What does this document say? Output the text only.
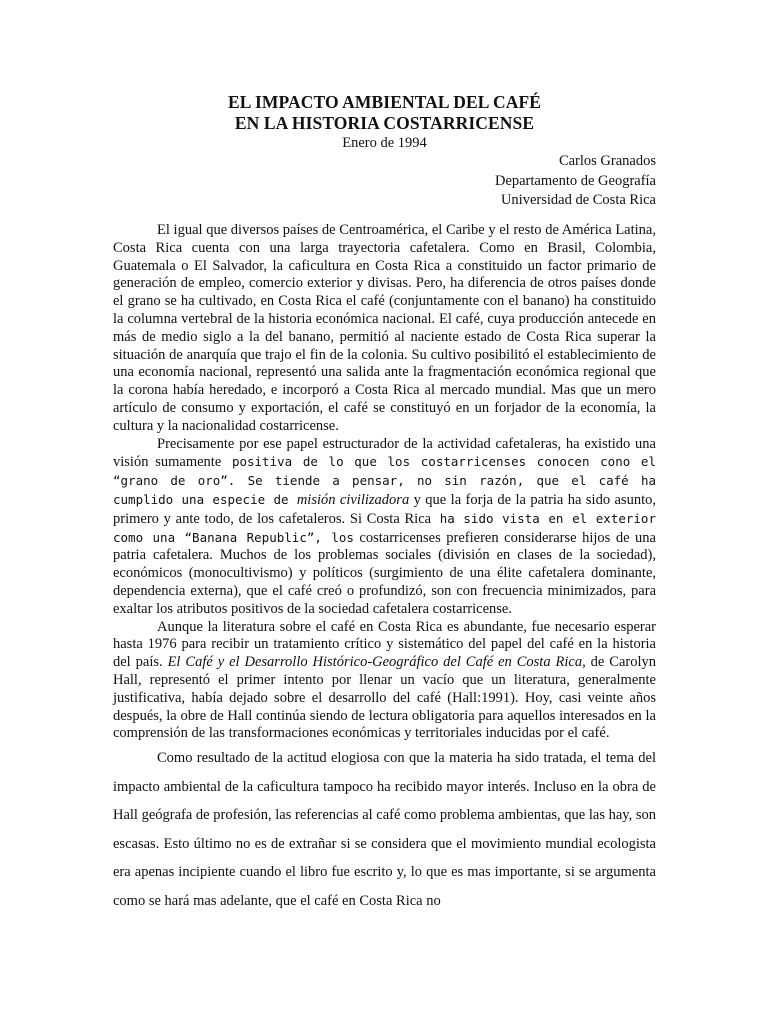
EL IMPACTO AMBIENTAL DEL CAFÉ
EN LA HISTORIA COSTARRICENSE
Enero de 1994
Carlos Granados
Departamento de Geografía
Universidad de Costa Rica

El igual que diversos países de Centroamérica, el Caribe y el resto de América Latina, Costa Rica cuenta con una larga trayectoria cafetalera. Como en Brasil, Colombia, Guatemala o El Salvador, la caficultura en Costa Rica a constituido un factor primario de generación de empleo, comercio exterior y divisas. Pero, ha diferencia de otros países donde el grano se ha cultivado, en Costa Rica el café (conjuntamente con el banano) ha constituido la columna vertebral de la historia económica nacional. El café, cuya producción antecede en más de medio siglo a la del banano, permitió al naciente estado de Costa Rica superar la situación de anarquía que trajo el fin de la colonia. Su cultivo posibilitó el establecimiento de una economía nacional, representó una salida ante la fragmentación económica regional que la corona había heredado, e incorporó a Costa Rica al mercado mundial. Mas que un mero artículo de consumo y exportación, el café se constituyó en un forjador de la economía, la cultura y la nacionalidad costarricense.

Precisamente por ese papel estructurador de la actividad cafetaleras, ha existido una visión sumamente positiva de lo que los costarricenses conocen cono el “grano de oro”. Se tiende a pensar, no sin razón, que el café ha cumplido una especie de misión civilizadora y que la forja de la patria ha sido asunto, primero y ante todo, de los cafetaleros. Si Costa Rica ha sido vista en el exterior como una “Banana Republic”, los costarricenses prefieren considerarse hijos de una patria cafetalera. Muchos de los problemas sociales (división en clases de la sociedad), económicos (monocultivismo) y políticos (surgimiento de una élite cafetalera dominante, dependencia externa), que el café creó o profundizó, son con frecuencia minimizados, para exaltar los atributos positivos de la sociedad cafetalera costarricense.

Aunque la literatura sobre el café en Costa Rica es abundante, fue necesario esperar hasta 1976 para recibir un tratamiento crítico y sistemático del papel del café en la historia del país. El Café y el Desarrollo Histórico-Geográfico del Café en Costa Rica, de Carolyn Hall, representó el primer intento por llenar un vacío que un literatura, generalmente justificativa, había dejado sobre el desarrollo del café (Hall:1991). Hoy, casi veinte años después, la obre de Hall continúa siendo de lectura obligatoria para aquellos interesados en la comprensión de las transformaciones económicas y territoriales inducidas por el café.

Como resultado de la actitud elogiosa con que la materia ha sido tratada, el tema del impacto ambiental de la caficultura tampoco ha recibido mayor interés. Incluso en la obra de Hall geógrafa de profesión, las referencias al café como problema ambientas, que las hay, son escasas. Esto último no es de extrañar si se considera que el movimiento mundial ecologista era apenas incipiente cuando el libro fue escrito y, lo que es mas importante, si se argumenta como se hará mas adelante, que el café en Costa Rica no
